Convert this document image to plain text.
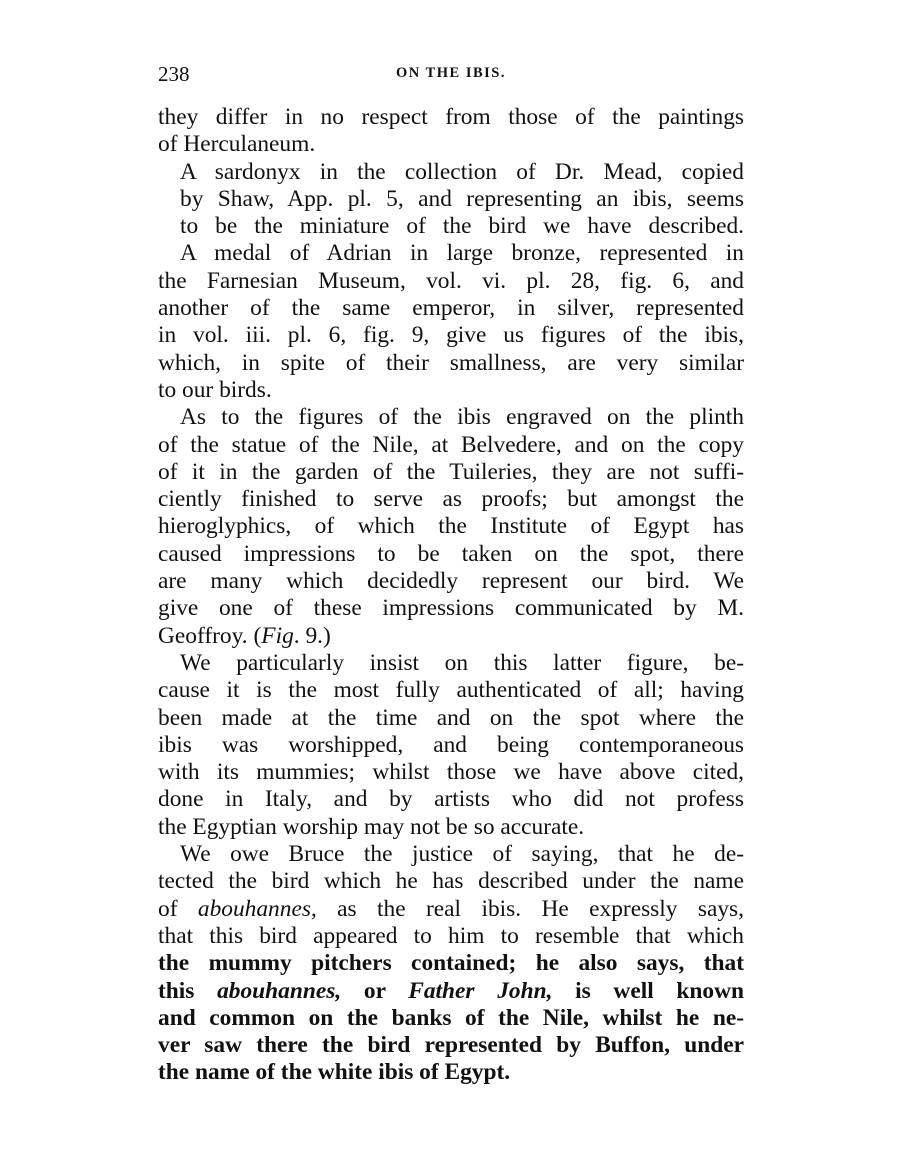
238	ON THE IBIS.

they differ in no respect from those of the paintings
of Herculaneum.

A sardonyx in the collection of Dr. Mead, copied
by Shaw, App. pl. 5, and representing an ibis, seems
to be the miniature of the bird we have described.

A medal of Adrian in large bronze, represented in
the Farnesian Museum, vol. vi. pl. 28, fig. 6, and
another of the same emperor, in silver, represented
in vol. iii. pl. 6, fig. 9, give us figures of the ibis,
which, in spite of their smallness, are very similar
to our birds.

As to the figures of the ibis engraved on the plinth
of the statue of the Nile, at Belvedere, and on the copy
of it in the garden of the Tuileries, they are not suffi-
ciently finished to serve as proofs; but amongst the
hieroglyphics, of which the Institute of Egypt has
caused impressions to be taken on the spot, there
are many which decidedly represent our bird. We
give one of these impressions communicated by M.
Geoffroy. (Fig. 9.)

We particularly insist on this latter figure, be-
cause it is the most fully authenticated of all; having
been made at the time and on the spot where the
ibis was worshipped, and being contemporaneous
with its mummies; whilst those we have above cited,
done in Italy, and by artists who did not profess
the Egyptian worship may not be so accurate.

We owe Bruce the justice of saying, that he de-
tected the bird which he has described under the name
of abouhannes, as the real ibis. He expressly says,
that this bird appeared to him to resemble that which
the mummy pitchers contained; he also says, that
this abouhannes, or Father John, is well known
and common on the banks of the Nile, whilst he ne-
ver saw there the bird represented by Buffon, under
the name of the white ibis of Egypt.
